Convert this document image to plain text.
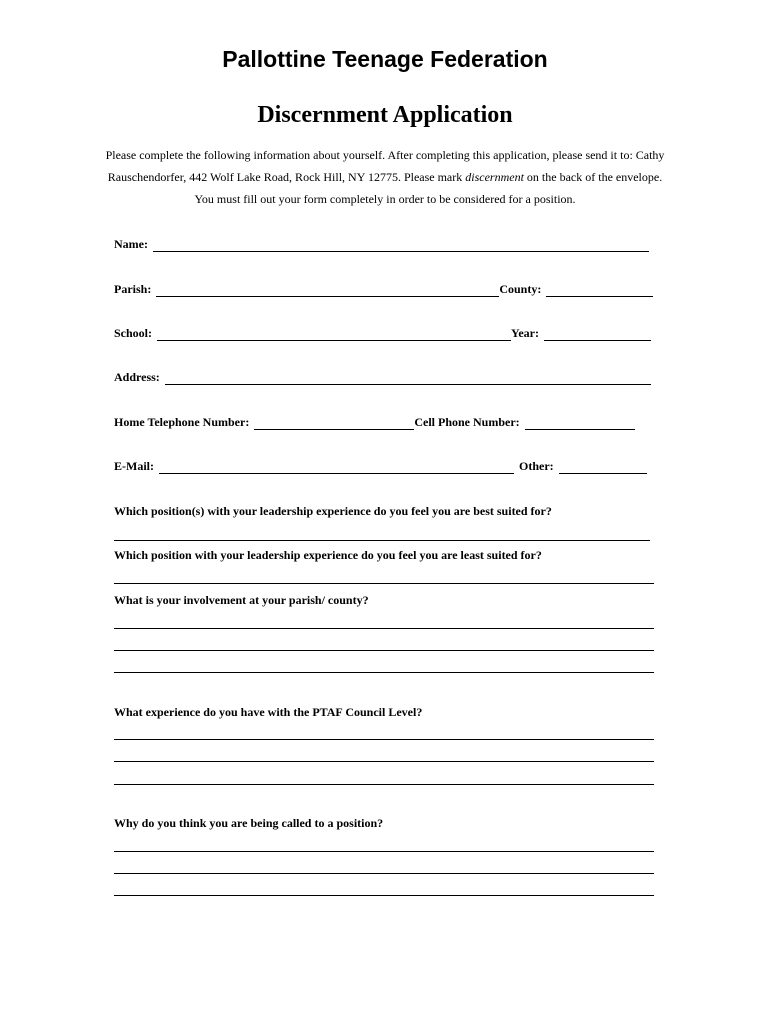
Pallottine Teenage Federation
Discernment Application

Please complete the following information about yourself. After completing this application, please send it to: Cathy Rauschendorfer, 442 Wolf Lake Road, Rock Hill, NY 12775. Please mark discernment on the back of the envelope. You must fill out your form completely in order to be considered for a position.

Name:
Parish:	County:
School:	Year:
Address:
Home Telephone Number:	Cell Phone Number:
E-Mail:	Other:

Which position(s) with your leadership experience do you feel you are best suited for?

Which position with your leadership experience do you feel you are least suited for?

What is your involvement at your parish/ county?

What experience do you have with the PTAF Council Level?

Why do you think you are being called to a position?
